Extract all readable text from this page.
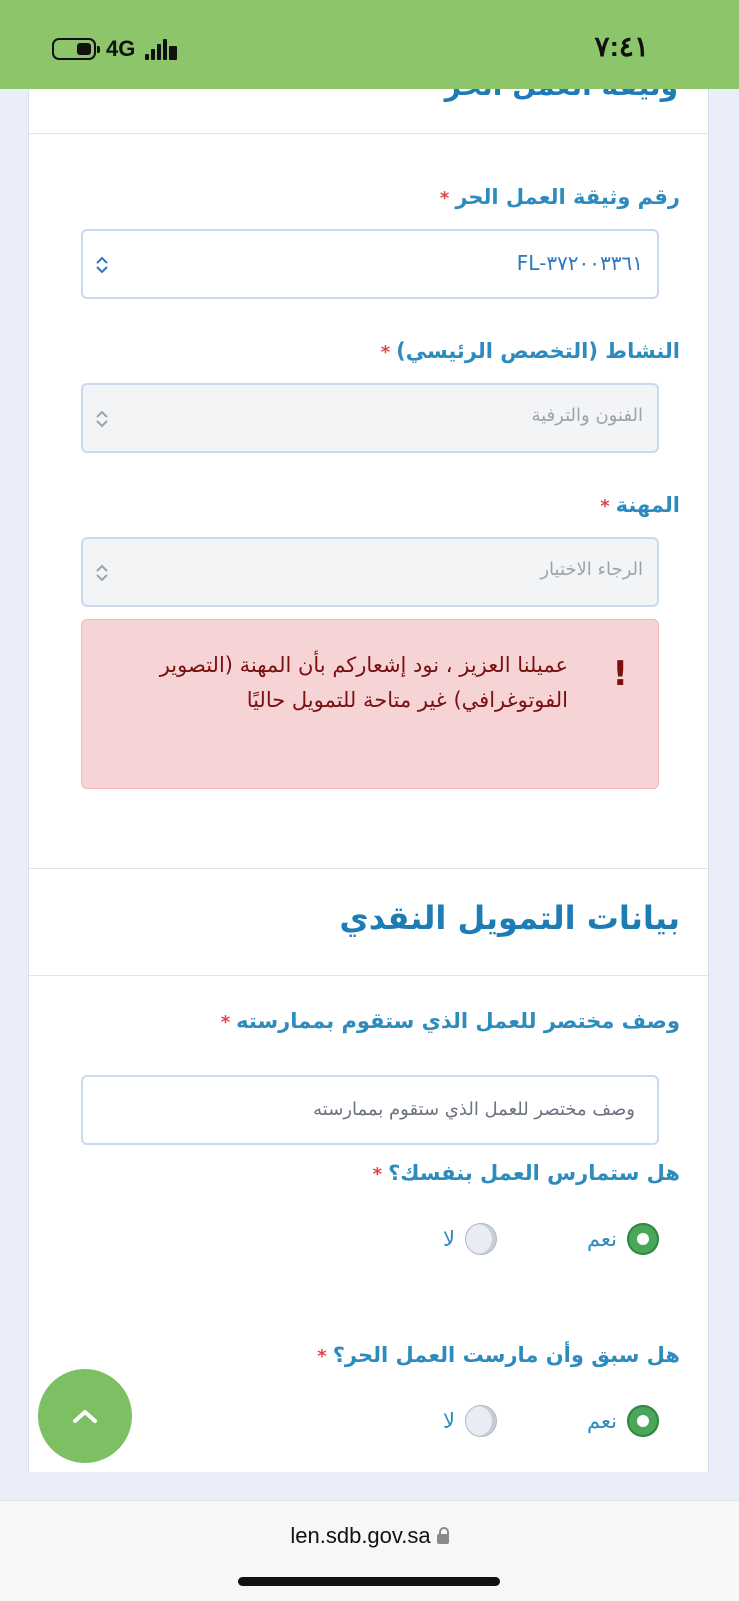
4G	٧:٤١
رقم وثيقة العمل الحر*
FL-٣٧٢٠٠٣٣٦١
النشاط (التخصص الرئيسي)*
الفنون والترفية
المهنة*
الرجاء الاختيار
!
عميلنا العزيز ، نود إشعاركم بأن المهنة (التصوير الفوتوغرافي) غير متاحة للتمويل حاليًا
بيانات التمويل النقدي
وصف مختصر للعمل الذي ستقوم بممارسته*
وصف مختصر للعمل الذي ستقوم بممارسته
هل ستمارس العمل بنفسك؟*
نعم
لا
هل سبق وأن مارست العمل الحر؟*
نعم
لا
len.sdb.gov.sa
